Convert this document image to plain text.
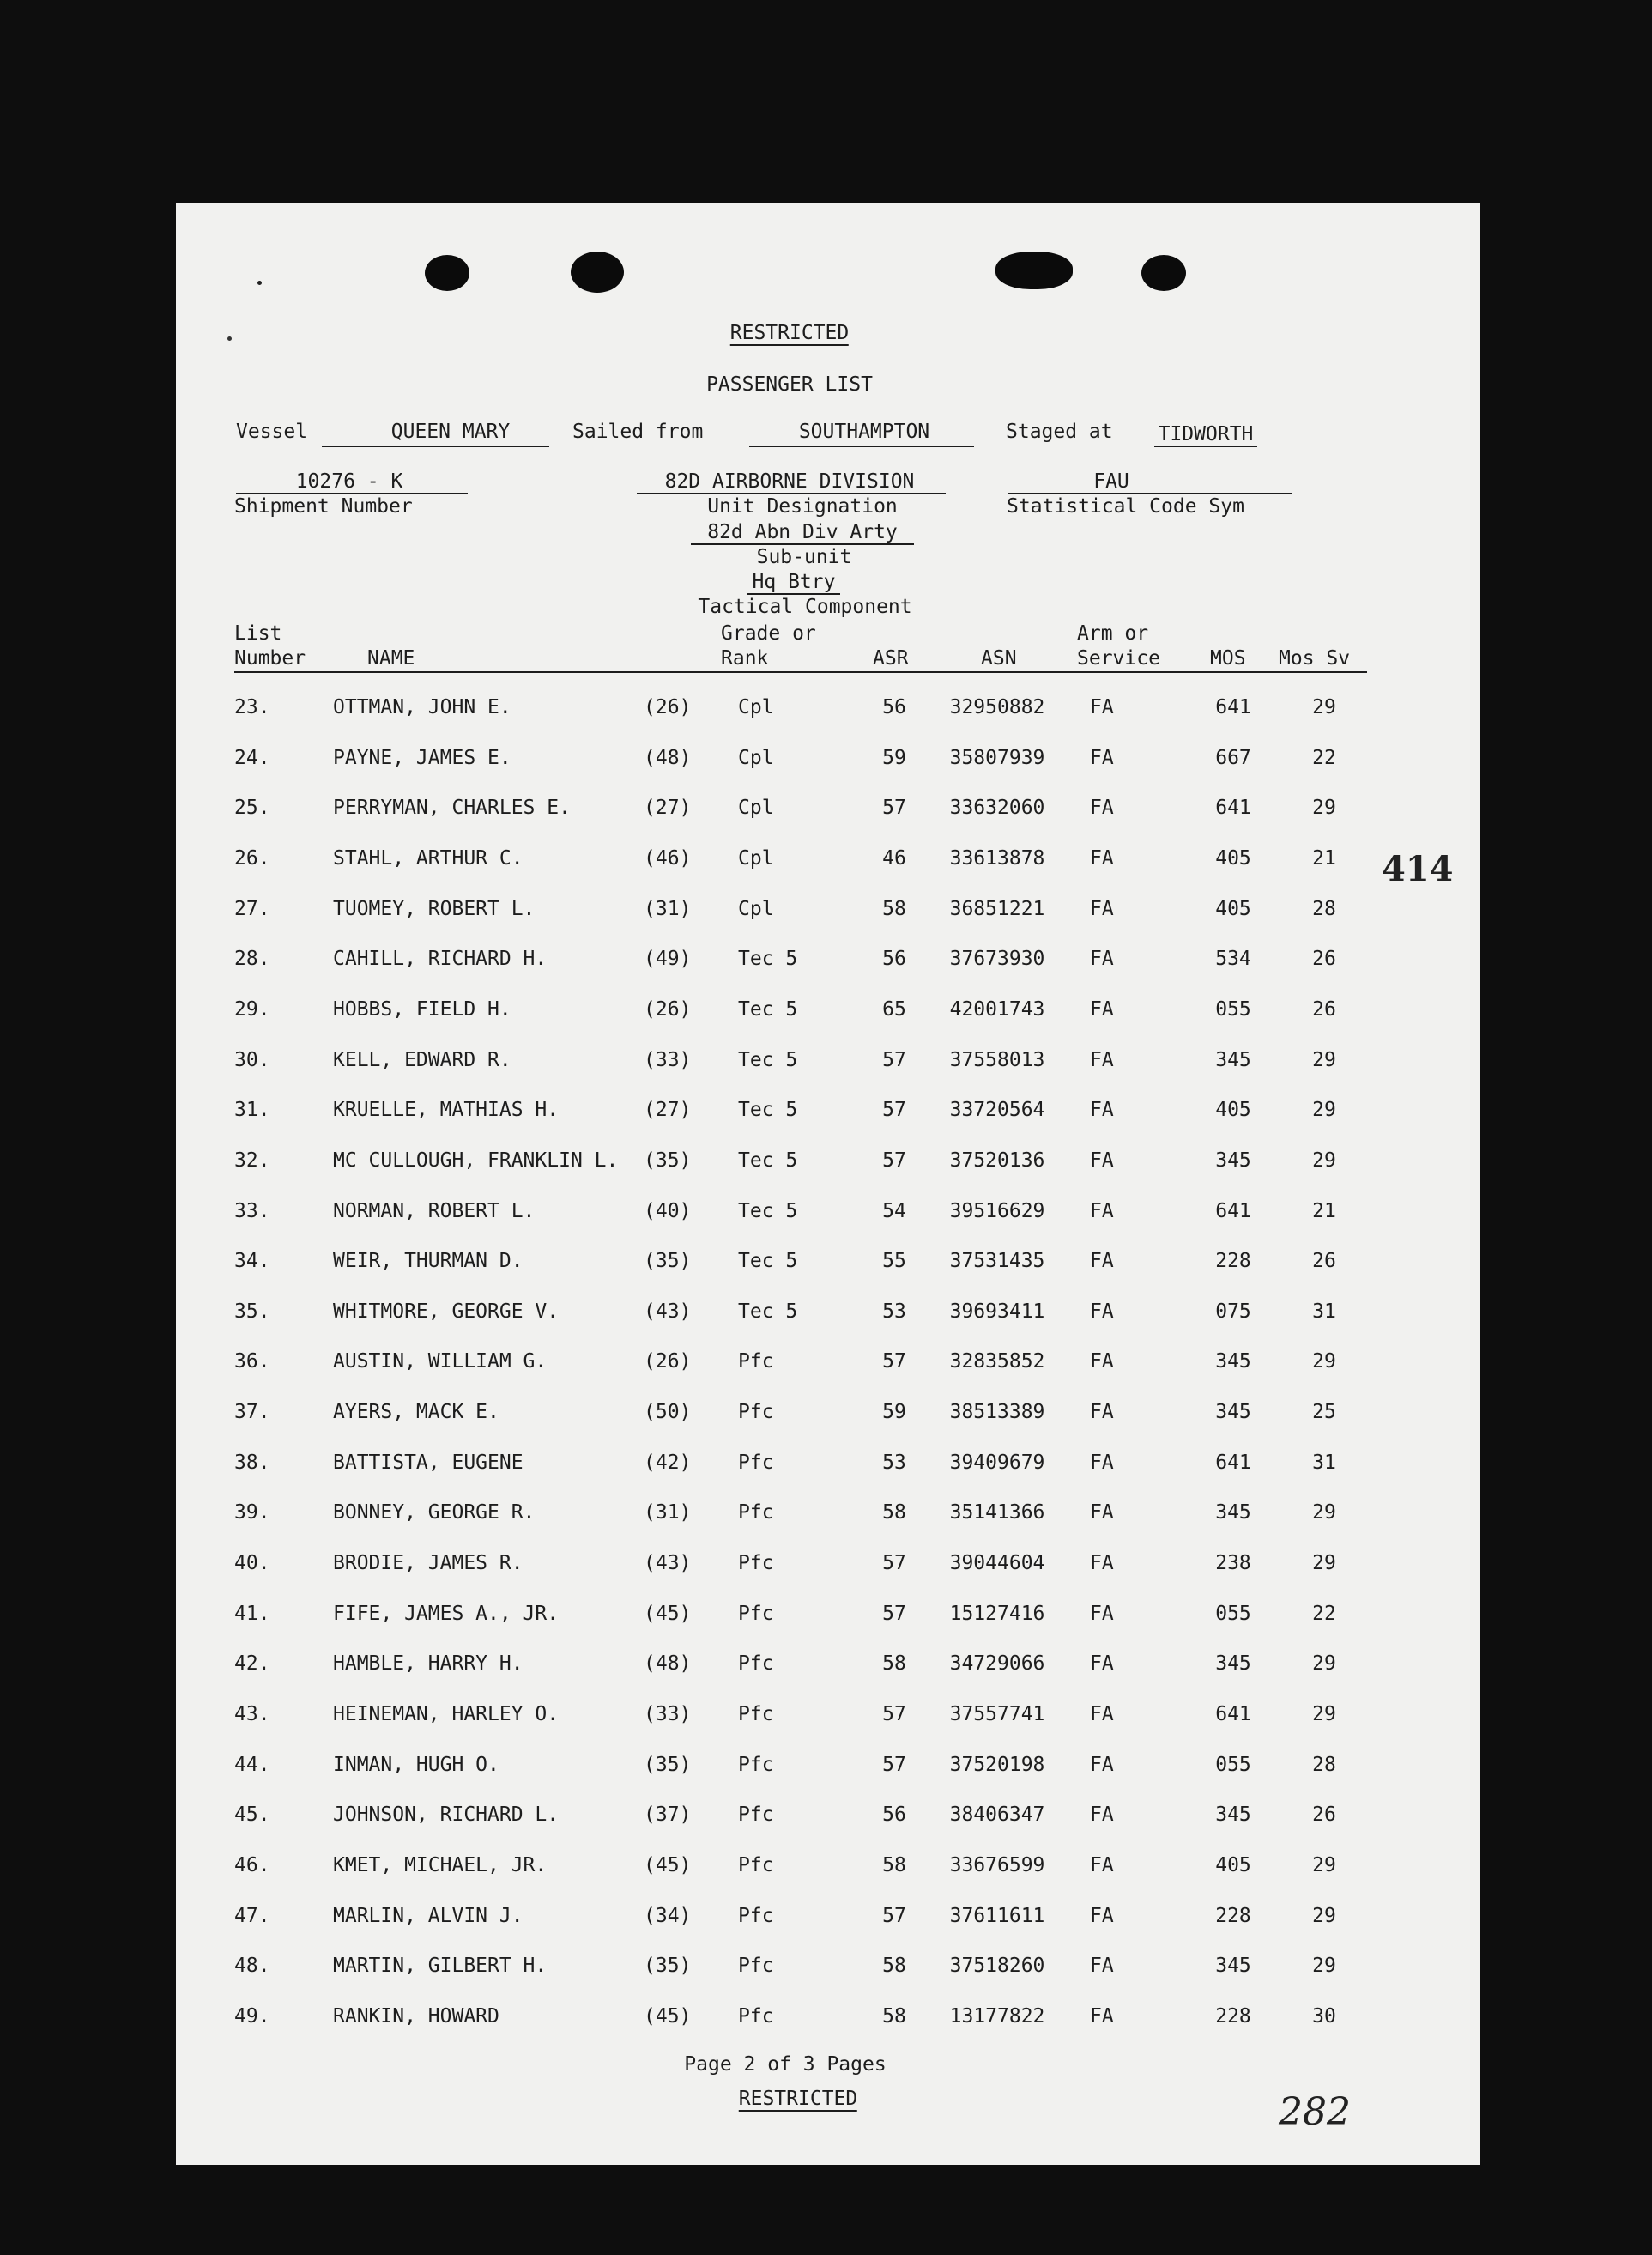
RESTRICTED
PASSENGER LIST
Vessel	QUEEN MARY	Sailed from	SOUTHAMPTON	Staged at TIDWORTH
10276 - K
Shipment Number
82D AIRBORNE DIVISION
Unit Designation
FAU
Statistical Code Sym
82d Abn Div Arty
Sub-unit
Hq Btry
Tactical Component
List
Number	NAME
Grade or
Rank	ASR	ASN
Arm or
Service	MOS Mos Sv
23.	OTTMAN, JOHN E.	(26) Cpl	56 32950882 FA	641	29
24.	PAYNE, JAMES E.	(48) Cpl	59 35807939 FA	667	22
25.	PERRYMAN, CHARLES E.	(27) Cpl	57 33632060 FA	641	29
26.	STAHL, ARTHUR C.	(46) Cpl	46 33613878 FA	405	21
27.	TUOMEY, ROBERT L.	(31) Cpl	58 36851221 FA	405	28
28.	CAHILL, RICHARD H.	(49) Tec 5	56 37673930 FA	534	26
29.	HOBBS, FIELD H.	(26) Tec 5	65 42001743 FA	055	26
30.	KELL, EDWARD R.	(33) Tec 5	57 37558013 FA	345	29
31.	KRUELLE, MATHIAS H.	(27) Tec 5	57 33720564 FA	405	29
32.	MC CULLOUGH, FRANKLIN L. (35) Tec 5	57 37520136 FA	345	29
33.	NORMAN, ROBERT L.	(40) Tec 5	54 39516629 FA	641	21
34.	WEIR, THURMAN D.	(35) Tec 5	55 37531435 FA	228	26
35.	WHITMORE, GEORGE V.	(43) Tec 5	53 39693411 FA	075	31
36.	AUSTIN, WILLIAM G.	(26) Pfc	57 32835852 FA	345	29
37.	AYERS, MACK E.	(50) Pfc	59 38513389 FA	345	25
38.	BATTISTA, EUGENE	(42) Pfc	53 39409679 FA	641	31
39.	BONNEY, GEORGE R.	(31) Pfc	58 35141366 FA	345	29
40.	BRODIE, JAMES R.	(43) Pfc	57 39044604 FA	238	29
41.	FIFE, JAMES A., JR.	(45) Pfc	57 15127416 FA	055	22
42.	HAMBLE, HARRY H.	(48) Pfc	58 34729066 FA	345	29
43.	HEINEMAN, HARLEY O.	(33) Pfc	57 37557741 FA	641	29
44.	INMAN, HUGH O.	(35) Pfc	57 37520198 FA	055	28
45.	JOHNSON, RICHARD L.	(37) Pfc	56 38406347 FA	345	26
46.	KMET, MICHAEL, JR.	(45) Pfc	58 33676599 FA	405	29
47.	MARLIN, ALVIN J.	(34) Pfc	57 37611611 FA	228	29
48.	MARTIN, GILBERT H.	(35) Pfc	58 37518260 FA	345	29
49.	RANKIN, HOWARD	(45) Pfc	58 13177822 FA	228	30
414
Page 2 of 3 Pages
RESTRICTED	282
